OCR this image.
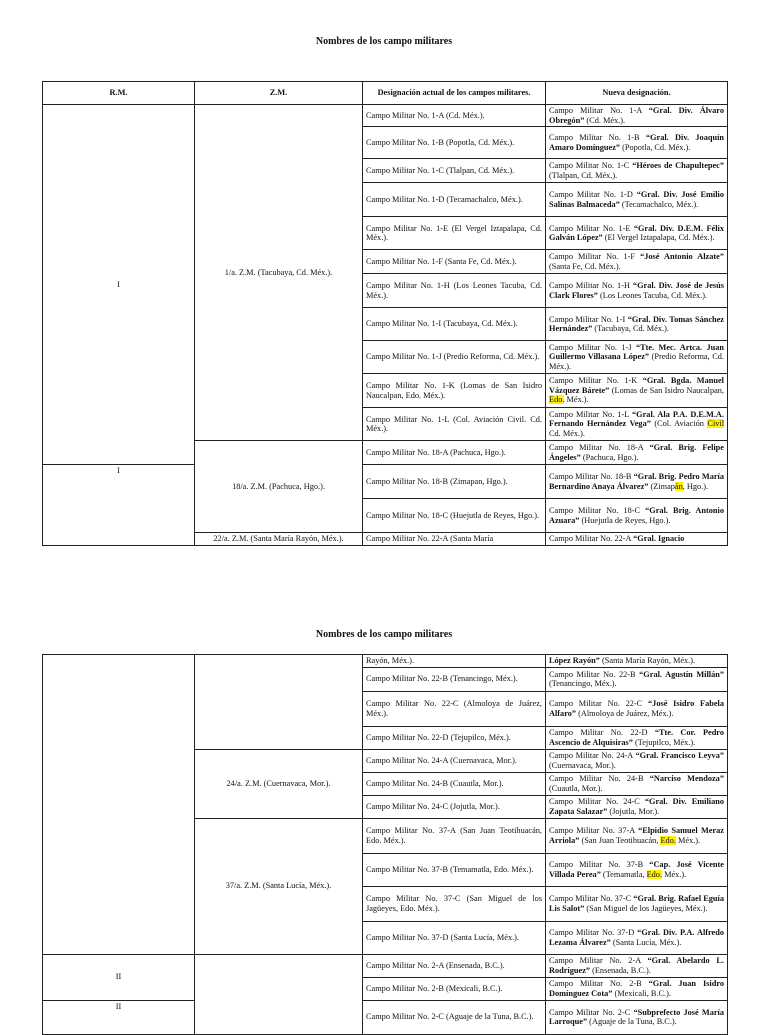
Nombres de los campo militares
R.M.	Z.M.	Designación actual de los campos militares.	Nueva designación.
I	1/a. Z.M. (Tacubaya, Cd. Méx.).	Campo Militar No. 1-A (Cd. Méx.).	Campo Militar No. 1-A “Gral. Div. Álvaro Obregón” (Cd. Méx.).
		Campo Militar No. 1-B (Popotla, Cd. Méx.).	Campo Militar No. 1-B “Gral. Div. Joaquín Amaro Domínguez” (Popotla, Cd. Méx.).
		Campo Militar No. 1-C (Tlalpan, Cd. Méx.).	Campo Militar No. 1-C “Héroes de Chapultepec” (Tlalpan, Cd. Méx.).
		Campo Militar No. 1-D (Tecamachalco, Méx.).	Campo Militar No. 1-D “Gral. Div. José Emilio Salinas Balmaceda” (Tecamachalco, Méx.).
		Campo Militar No. 1-E (El Vergel Iztapalapa, Cd. Méx.).	Campo Militar No. 1-E “Gral. Div. D.E.M. Félix Galván López” (El Vergel Iztapalapa, Cd. Méx.).
		Campo Militar No. 1-F (Santa Fe, Cd. Méx.).	Campo Militar No. 1-F “José Antonio Alzate” (Santa Fe, Cd. Méx.).
		Campo Militar No. 1-H (Los Leones Tacuba, Cd. Méx.).	Campo Militar No. 1-H “Gral. Div. José de Jesús Clark Flores” (Los Leones Tacuba, Cd. Méx.).
		Campo Militar No. 1-I (Tacubaya, Cd. Méx.).	Campo Militar No. 1-I “Gral. Div. Tomas Sánchez Hernández” (Tacubaya, Cd. Méx.).
		Campo Militar No. 1-J (Predio Reforma, Cd. Méx.).	Campo Militar No. 1-J “Tte. Mec. Artca. Juan Guillermo Villasana López” (Predio Reforma, Cd. Méx.).
		Campo Militar No. 1-K (Lomas de San Isidro Naucalpan, Edo. Méx.).	Campo Militar No. 1-K “Gral. Bgda. Manuel Vázquez Bárete” (Lomas de San Isidro Naucalpan, Edo. Méx.).
		Campo Militar No. 1-L (Col. Aviación Civil. Cd. Méx.).	Campo Militar No. 1-L “Gral. Ala P.A. D.E.M.A. Fernando Hernández Vega” (Col. Aviación Civil Cd. Méx.).
	18/a. Z.M. (Pachuca, Hgo.).	Campo Militar No. 18-A (Pachuca, Hgo.).	Campo Militar No. 18-A “Gral. Brig. Felipe Ángeles” (Pachuca, Hgo.).
I		Campo Militar No. 18-B (Zimapan, Hgo.).	Campo Militar No. 18-B “Gral. Brig. Pedro María Bernardino Anaya Álvarez” (Zimapán, Hgo.).
		Campo Militar No. 18-C (Huejutla de Reyes, Hgo.).	Campo Militar No. 18-C “Gral. Brig. Antonio Azuara” (Huejutla de Reyes, Hgo.).
	22/a. Z.M. (Santa María Rayón, Méx.).	Campo Militar No. 22-A (Santa María	Campo Militar No. 22-A “Gral. Ignacio
Nombres de los campo militares
		Rayón, Méx.).	López Rayón” (Santa María Rayón, Méx.).
		Campo Militar No. 22-B (Tenancingo, Méx.).	Campo Militar No. 22-B “Gral. Agustín Millán” (Tenancingo, Méx.).
		Campo Militar No. 22-C (Almoloya de Juárez, Méx.).	Campo Militar No. 22-C “José Isidro Fabela Alfaro” (Almoloya de Juárez, Méx.).
		Campo Militar No. 22-D (Tejupilco, Méx.).	Campo Militar No. 22-D “Tte. Cor. Pedro Ascencio de Alquisiras” (Tejupilco, Méx.).
	24/a. Z.M. (Cuernavaca, Mor.).	Campo Militar No. 24-A (Cuernavaca, Mor.).	Campo Militar No. 24-A “Gral. Francisco Leyva” (Cuernavaca, Mor.).
		Campo Militar No. 24-B (Cuautla, Mor.).	Campo Militar No. 24-B “Narciso Mendoza” (Cuautla, Mor.).
		Campo Militar No. 24-C (Jojutla, Mor.).	Campo Militar No. 24-C “Gral. Div. Emiliano Zapata Salazar” (Jojutla, Mor.).
	37/a. Z.M. (Santa Lucía, Méx.).	Campo Militar No. 37-A (San Juan Teotihuacán, Edo. Méx.).	Campo Militar No. 37-A “Elpidio Samuel Meraz Arriola” (San Juan Teotihuacán, Edo. Méx.).
		Campo Militar No. 37-B (Temamatla, Edo. Méx.).	Campo Militar No. 37-B “Cap. José Vicente Villada Perea” (Temamatla, Edo. Méx.).
		Campo Militar No. 37-C (San Miguel de los Jagüeyes, Edo. Méx.).	Campo Militar No. 37-C “Gral. Brig. Rafael Eguía Lis Salot” (San Miguel de los Jagüeyes, Méx.).
		Campo Militar No. 37-D (Santa Lucía, Méx.).	Campo Militar No. 37-D “Gral. Div. P.A. Alfredo Lezama Álvarez” (Santa Lucía, Méx.).
II		Campo Militar No. 2-A (Ensenada, B.C.).	Campo Militar No. 2-A “Gral. Abelardo L. Rodríguez” (Ensenada, B.C.).
		Campo Militar No. 2-B (Mexicali, B.C.).	Campo Militar No. 2-B “Gral. Juan Isidro Domínguez Cota” (Mexicali, B.C.).
II		Campo Militar No. 2-C (Aguaje de la Tuna, B.C.).	Campo Militar No. 2-C “Subprefecto José María Larroque” (Aguaje de la Tuna, B.C.).
